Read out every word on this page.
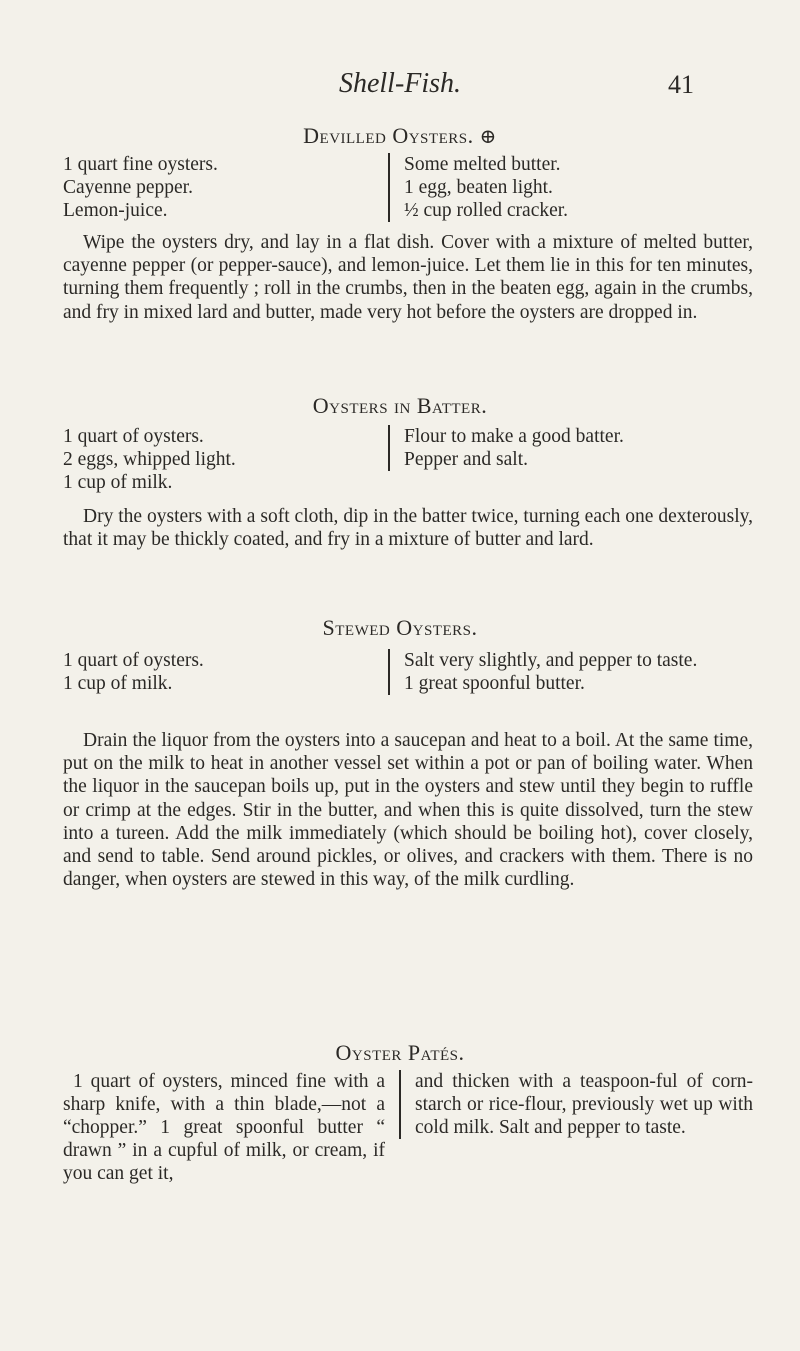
Shell-Fish.	41
Devilled Oysters. ⊕
1 quart fine oysters.
Cayenne pepper.
Lemon-juice.
Some melted butter.
1 egg, beaten light.
½ cup rolled cracker.
Wipe the oysters dry, and lay in a flat dish. Cover with a mixture of melted butter, cayenne pepper (or pepper-sauce), and lemon-juice. Let them lie in this for ten minutes, turning them frequently ; roll in the crumbs, then in the beaten egg, again in the crumbs, and fry in mixed lard and butter, made very hot before the oysters are dropped in.
Oysters in Batter.
1 quart of oysters.
2 eggs, whipped light.
1 cup of milk.
Flour to make a good batter.
Pepper and salt.
Dry the oysters with a soft cloth, dip in the batter twice, turning each one dexterously, that it may be thickly coated, and fry in a mixture of butter and lard.
Stewed Oysters.
1 quart of oysters.
1 cup of milk.
Salt very slightly, and pepper to taste.
1 great spoonful butter.
Drain the liquor from the oysters into a saucepan and heat to a boil. At the same time, put on the milk to heat in another vessel set within a pot or pan of boiling water. When the liquor in the saucepan boils up, put in the oysters and stew until they begin to ruffle or crimp at the edges. Stir in the butter, and when this is quite dissolved, turn the stew into a tureen. Add the milk immediately (which should be boiling hot), cover closely, and send to table. Send around pickles, or olives, and crackers with them. There is no danger, when oysters are stewed in this way, of the milk curdling.
Oyster Patés.
1 quart of oysters, minced fine with a sharp knife, with a thin blade,—not a “chopper.” 1 great spoonful butter “ drawn ” in a cupful of milk, or cream, if you can get it,
and thicken with a teaspoon-ful of corn-starch or rice-flour, previously wet up with cold milk. Salt and pepper to taste.
